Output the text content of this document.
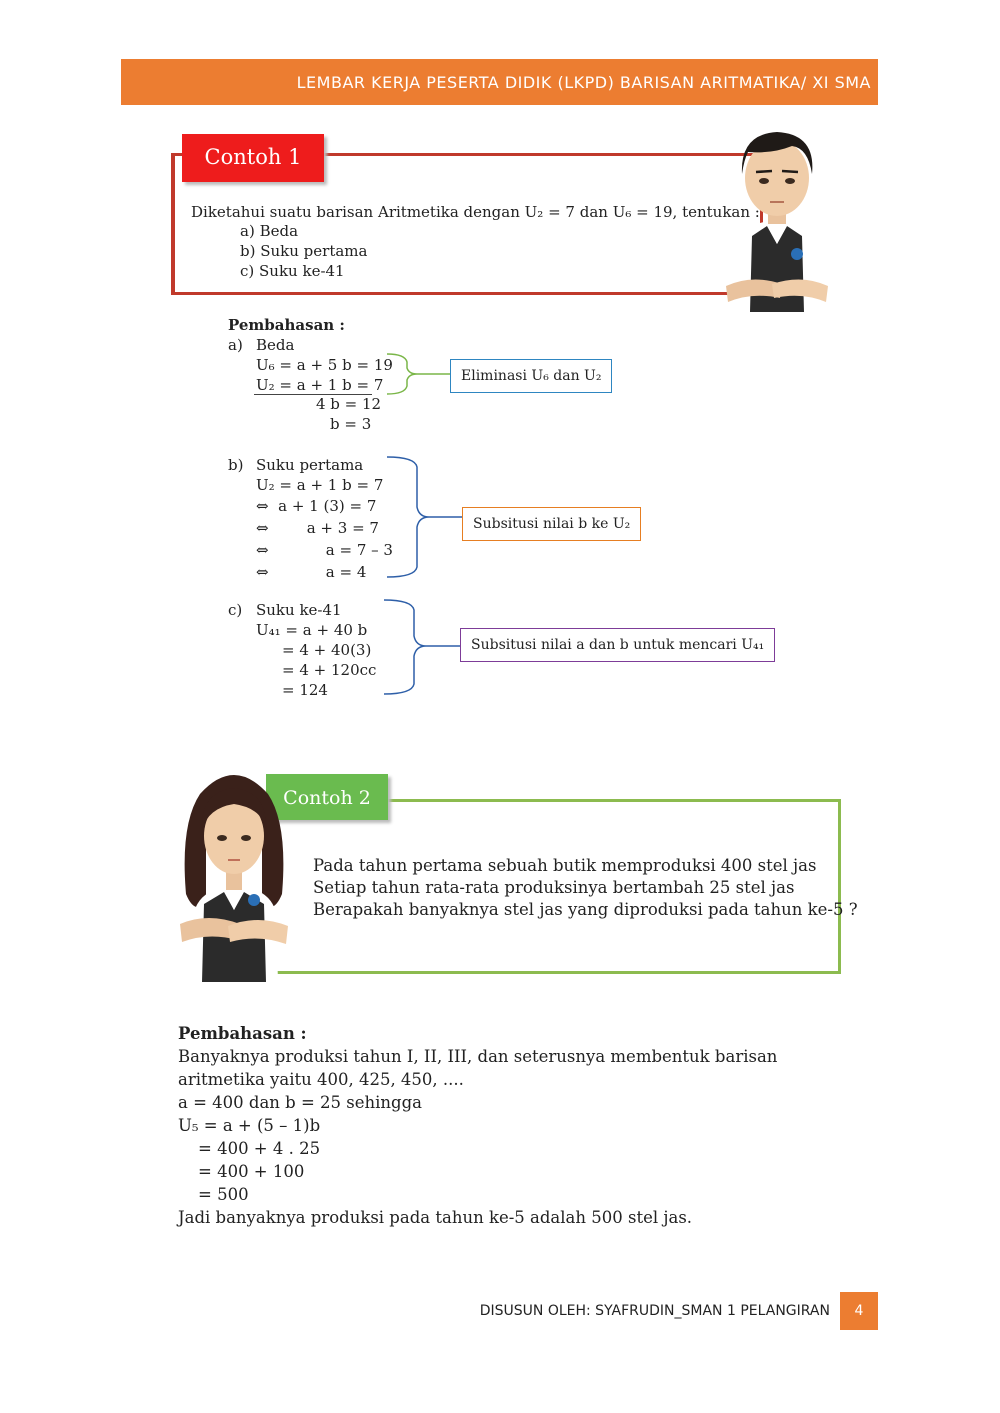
LEMBAR KERJA PESERTA DIDIK (LKPD) BARISAN ARITMATIKA/ XI SMA
Contoh 1
Diketahui suatu barisan Aritmetika dengan U₂ = 7 dan U₆ = 19, tentukan :
a) Beda
b) Suku pertama
c) Suku ke-41
Pembahasan :
a) Beda
U₆ = a + 5 b = 19
U₂ = a + 1 b = 7
4 b = 12
b = 3
Eliminasi U₆ dan U₂
b) Suku pertama
U₂ = a + 1 b = 7
⇔  a + 1 (3) = 7
⇔        a + 3 = 7
⇔            a = 7 – 3
⇔            a = 4
Subsitusi nilai b ke U₂
c) Suku ke-41
U₄₁ = a + 40 b
= 4 + 40(3)
= 4 + 120cc
= 124
Subsitusi nilai a dan b untuk mencari U₄₁
Contoh 2
Pada tahun pertama sebuah butik memproduksi 400 stel jas
Setiap tahun rata-rata produksinya bertambah 25 stel jas
Berapakah banyaknya stel jas yang diproduksi pada tahun ke-5 ?
Pembahasan :
Banyaknya produksi tahun I, II, III, dan seterusnya membentuk barisan
aritmetika yaitu 400, 425, 450, ....
a = 400 dan b = 25 sehingga
U₅ = a + (5 – 1)b
= 400 + 4 . 25
= 400 + 100
= 500
Jadi banyaknya produksi pada tahun ke-5 adalah 500 stel jas.
DISUSUN OLEH: SYAFRUDIN_SMAN 1 PELANGIRAN	4
